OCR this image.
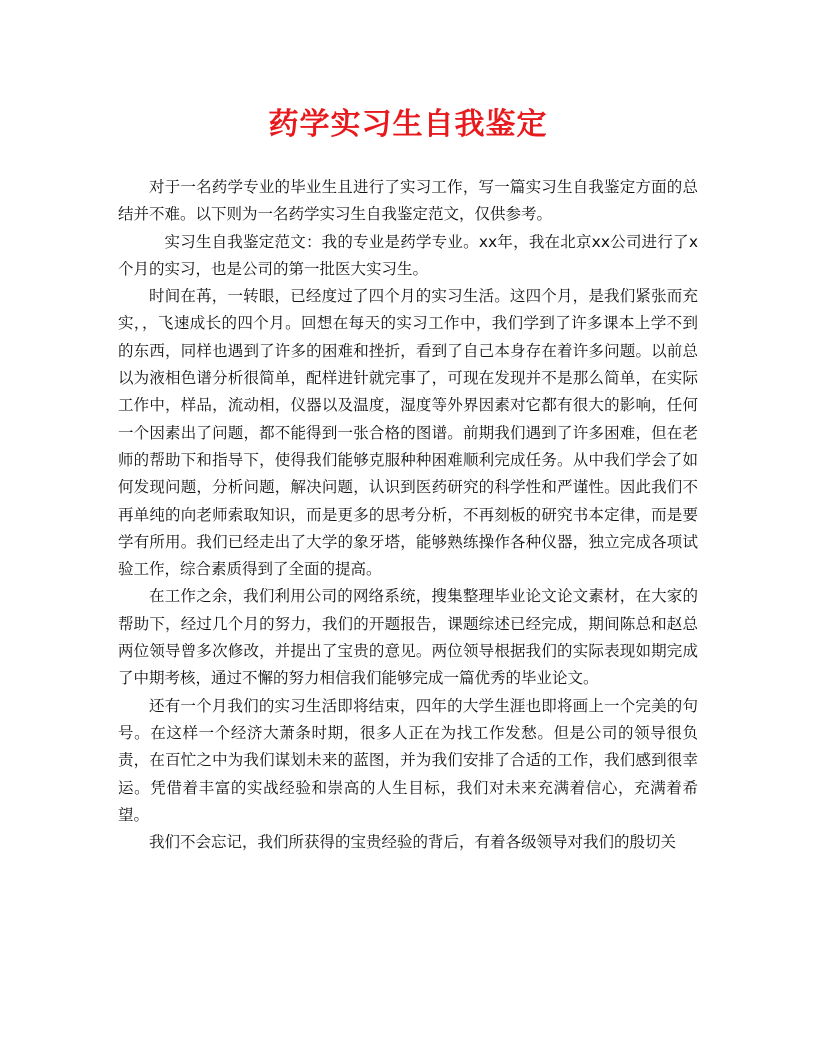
药学实习生自我鉴定

对于一名药学专业的毕业生且进行了实习工作，写一篇实习生自我鉴定方面的总结并不难。以下则为一名药学实习生自我鉴定范文，仅供参考。

实习生自我鉴定范文：我的专业是药学专业。xx年，我在北京xx公司进行了x个月的实习，也是公司的第一批医大实习生。

时间在苒，一转眼，已经度过了四个月的实习生活。这四个月，是我们紧张而充实，，飞速成长的四个月。回想在每天的实习工作中，我们学到了许多课本上学不到的东西，同样也遇到了许多的困难和挫折，看到了自己本身存在着许多问题。以前总以为液相色谱分析很简单，配样进针就完事了，可现在发现并不是那么简单，在实际工作中，样品，流动相，仪器以及温度，湿度等外界因素对它都有很大的影响，任何一个因素出了问题，都不能得到一张合格的图谱。前期我们遇到了许多困难，但在老师的帮助下和指导下，使得我们能够克服种种困难顺利完成任务。从中我们学会了如何发现问题，分析问题，解决问题，认识到医药研究的科学性和严谨性。因此我们不再单纯的向老师索取知识，而是更多的思考分析，不再刻板的研究书本定律，而是要学有所用。我们已经走出了大学的象牙塔，能够熟练操作各种仪器，独立完成各项试验工作，综合素质得到了全面的提高。

在工作之余，我们利用公司的网络系统，搜集整理毕业论文论文素材，在大家的帮助下，经过几个月的努力，我们的开题报告，课题综述已经完成，期间陈总和赵总两位领导曾多次修改，并提出了宝贵的意见。两位领导根据我们的实际表现如期完成了中期考核，通过不懈的努力相信我们能够完成一篇优秀的毕业论文。

还有一个月我们的实习生活即将结束，四年的大学生涯也即将画上一个完美的句号。在这样一个经济大萧条时期，很多人正在为找工作发愁。但是公司的领导很负责，在百忙之中为我们谋划未来的蓝图，并为我们安排了合适的工作，我们感到很幸运。凭借着丰富的实战经验和崇高的人生目标，我们对未来充满着信心，充满着希望。

我们不会忘记，我们所获得的宝贵经验的背后，有着各级领导对我们的殷切关
